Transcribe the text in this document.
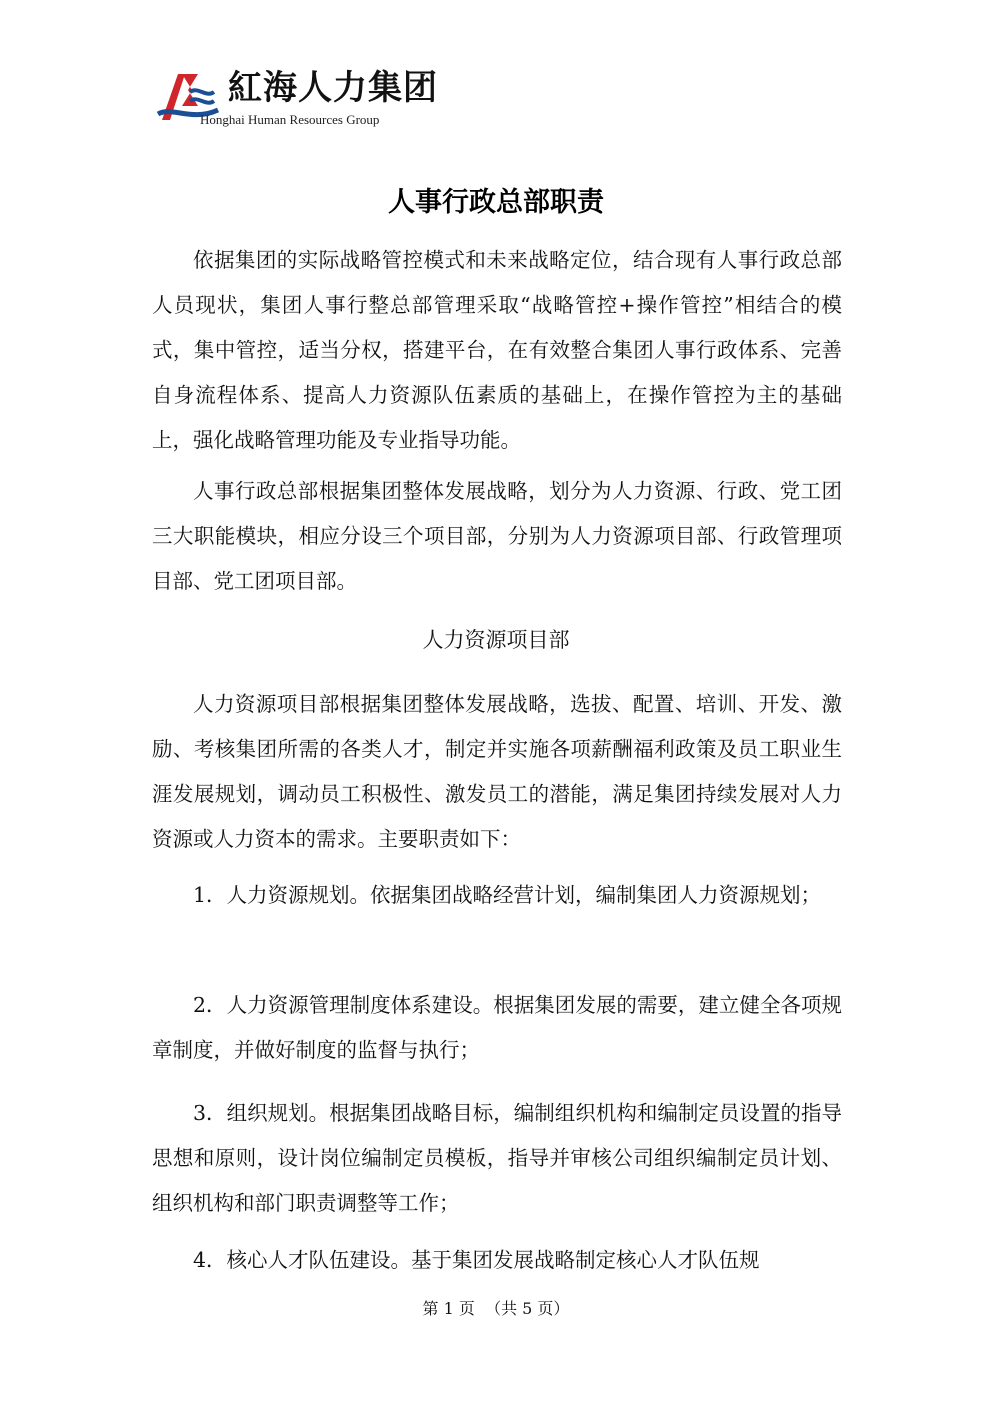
紅海人力集团
Honghai Human Resources Group
人事行政总部职责

依据集团的实际战略管控模式和未来战略定位，结合现有人事行政总部人员现状，集团人事行整总部管理采取“战略管控+操作管控”相结合的模式，集中管控，适当分权，搭建平台，在有效整合集团人事行政体系、完善自身流程体系、提高人力资源队伍素质的基础上，在操作管控为主的基础上，强化战略管理功能及专业指导功能。

人事行政总部根据集团整体发展战略，划分为人力资源、行政、党工团三大职能模块，相应分设三个项目部，分别为人力资源项目部、行政管理项目部、党工团项目部。

人力资源项目部

人力资源项目部根据集团整体发展战略，选拔、配置、培训、开发、激励、考核集团所需的各类人才，制定并实施各项薪酬福利政策及员工职业生涯发展规划，调动员工积极性、激发员工的潜能，满足集团持续发展对人力资源或人力资本的需求。主要职责如下：

1．人力资源规划。依据集团战略经营计划，编制集团人力资源规划；

2．人力资源管理制度体系建设。根据集团发展的需要，建立健全各项规章制度，并做好制度的监督与执行；

3．组织规划。根据集团战略目标，编制组织机构和编制定员设置的指导思想和原则，设计岗位编制定员模板，指导并审核公司组织编制定员计划、组织机构和部门职责调整等工作；

4．核心人才队伍建设。基于集团发展战略制定核心人才队伍规

第 1 页  （共 5 页）
